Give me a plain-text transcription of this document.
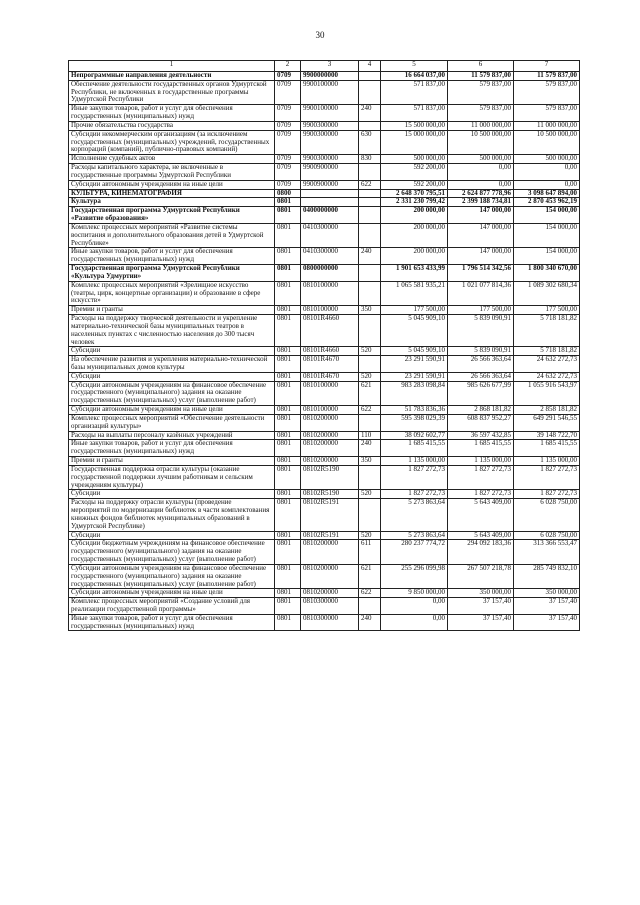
30
1	2	3	4	5	6	7
Непрограммные направления деятельности	0709	9900000000		16 664 037,00	11 579 837,00	11 579 837,00
Обеспечение деятельности государственных органов Удмуртской Республики, не включенных в государственные программы Удмуртской Республики	0709	9900100000		571 837,00	579 837,00	579 837,00
Иные закупки товаров, работ и услуг для обеспечения государственных (муниципальных) нужд	0709	9900100000	240	571 837,00	579 837,00	579 837,00
Прочие обязательства государства	0709	9900300000		15 500 000,00	11 000 000,00	11 000 000,00
Субсидии некоммерческим организациям (за исключением государственных (муниципальных) учреждений, государственных корпораций (компаний), публично-правовых компаний)	0709	9900300000	630	15 000 000,00	10 500 000,00	10 500 000,00
Исполнение судебных актов	0709	9900300000	830	500 000,00	500 000,00	500 000,00
Расходы капитального характера, не включенные в государственные программы Удмуртской Республики	0709	9900900000		592 200,00	0,00	0,00
Субсидии автономным учреждениям на иные цели	0709	9900900000	622	592 200,00	0,00	0,00
КУЛЬТУРА, КИНЕМАТОГРАФИЯ	0800			2 648 370 795,51	2 624 877 778,96	3 098 647 894,00
Культура	0801			2 331 230 799,42	2 399 188 734,81	2 870 453 962,19
Государственная программа Удмуртской Республики «Развитие образования»	0801	0400000000		200 000,00	147 000,00	154 000,00
Комплекс процессных мероприятий «Развитие системы воспитания и дополнительного образования детей в Удмуртской Республике»	0801	0410300000		200 000,00	147 000,00	154 000,00
Иные закупки товаров, работ и услуг для обеспечения государственных (муниципальных) нужд	0801	0410300000	240	200 000,00	147 000,00	154 000,00
Государственная программа Удмуртской Республики «Культура Удмуртии»	0801	0800000000		1 901 653 433,99	1 796 514 342,56	1 800 340 670,00
Комплекс процессных мероприятий «Зрелищное искусство (театры, цирк, концертные организации) и образование в сфере искусств»	0801	0810100000		1 065 581 935,21	1 021 077 814,36	1 089 302 680,34
Премии и гранты	0801	0810100000	350	177 500,00	177 500,00	177 500,00
Расходы на поддержку творческой деятельности и укрепление материально-технической базы муниципальных театров в населенных пунктах с численностью населения до 300 тысяч человек	0801	08101R4660		5 045 909,10	5 839 090,91	5 718 181,82
Субсидии	0801	08101R4660	520	5 045 909,10	5 839 090,91	5 718 181,82
На обеспечение развития и укрепления материально-технической базы муниципальных домов культуры	0801	08101R4670		23 291 590,91	26 566 363,64	24 632 272,73
Субсидии	0801	08101R4670	520	23 291 590,91	26 566 363,64	24 632 272,73
Субсидии автономным учреждениям на финансовое обеспечение государственного (муниципального) задания на оказание государственных (муниципальных) услуг (выполнение работ)	0801	0810100000	621	983 283 098,84	985 626 677,99	1 055 916 543,97
Субсидии автономным учреждениям на иные цели	0801	0810100000	622	51 783 836,36	2 868 181,82	2 858 181,82
Комплекс процессных мероприятий «Обеспечение деятельности организаций культуры»	0801	0810200000		595 398 029,39	608 837 952,27	649 291 546,55
Расходы на выплаты персоналу казённых учреждений	0801	0810200000	110	38 092 602,77	36 597 432,85	39 148 722,70
Иные закупки товаров, работ и услуг для обеспечения государственных (муниципальных) нужд	0801	0810200000	240	1 685 415,55	1 685 415,55	1 685 415,55
Премии и гранты	0801	0810200000	350	1 135 000,00	1 135 000,00	1 135 000,00
Государственная поддержка отрасли культуры (оказание государственной поддержки лучшим работникам и сельским учреждениям культуры)	0801	08102R5190		1 827 272,73	1 827 272,73	1 827 272,73
Субсидии	0801	08102R5190	520	1 827 272,73	1 827 272,73	1 827 272,73
Расходы на поддержку отрасли культуры (проведение мероприятий по модернизации библиотек в части комплектования книжных фондов библиотек муниципальных образований в Удмуртской Республике)	0801	08102R5191		5 273 863,64	5 643 409,00	6 028 750,00
Субсидии	0801	08102R5191	520	5 273 863,64	5 643 409,00	6 028 750,00
Субсидии бюджетным учреждениям на финансовое обеспечение государственного (муниципального) задания на оказание государственных (муниципальных) услуг (выполнение работ)	0801	0810200000	611	280 237 774,72	294 092 183,36	313 366 553,47
Субсидии автономным учреждениям на финансовое обеспечение государственного (муниципального) задания на оказание государственных (муниципальных) услуг (выполнение работ)	0801	0810200000	621	255 296 099,98	267 507 218,78	285 749 832,10
Субсидии автономным учреждениям на иные цели	0801	0810200000	622	9 850 000,00	350 000,00	350 000,00
Комплекс процессных мероприятий «Создание условий для реализации государственной программы»	0801	0810300000		0,00	37 157,40	37 157,40
Иные закупки товаров, работ и услуг для обеспечения государственных (муниципальных) нужд	0801	0810300000	240	0,00	37 157,40	37 157,40
